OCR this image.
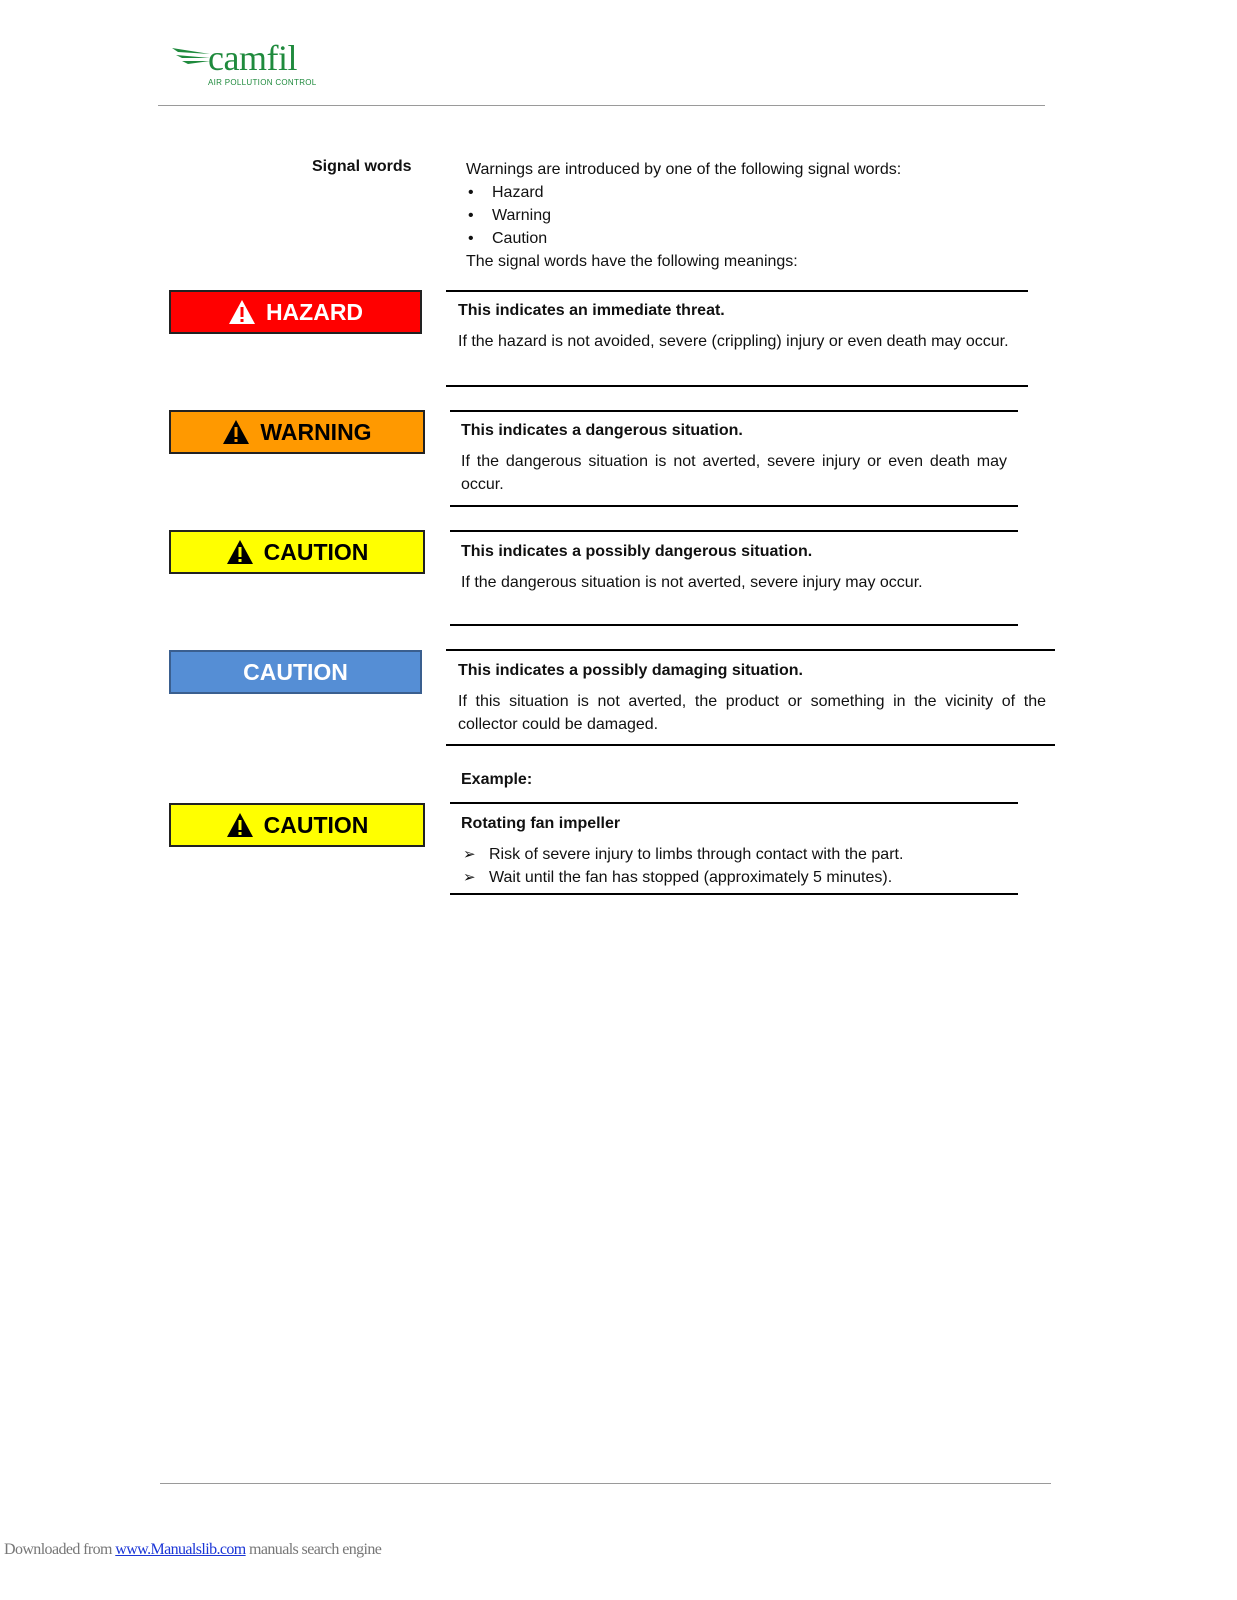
camfil
AIR POLLUTION CONTROL
Signal words	Warnings are introduced by one of the following signal words:
• Hazard
• Warning
• Caution
The signal words have the following meanings:
HAZARD	This indicates an immediate threat.
If the hazard is not avoided, severe (crippling) injury or even death may occur.
WARNING	This indicates a dangerous situation.
If the dangerous situation is not averted, severe injury or even death may occur.
CAUTION	This indicates a possibly dangerous situation.
If the dangerous situation is not averted, severe injury may occur.
CAUTION	This indicates a possibly damaging situation.
If this situation is not averted, the product or something in the vicinity of the collector could be damaged.
Example:
CAUTION	Rotating fan impeller
➢ Risk of severe injury to limbs through contact with the part.
➢ Wait until the fan has stopped (approximately 5 minutes).
Downloaded from www.Manualslib.com manuals search engine
